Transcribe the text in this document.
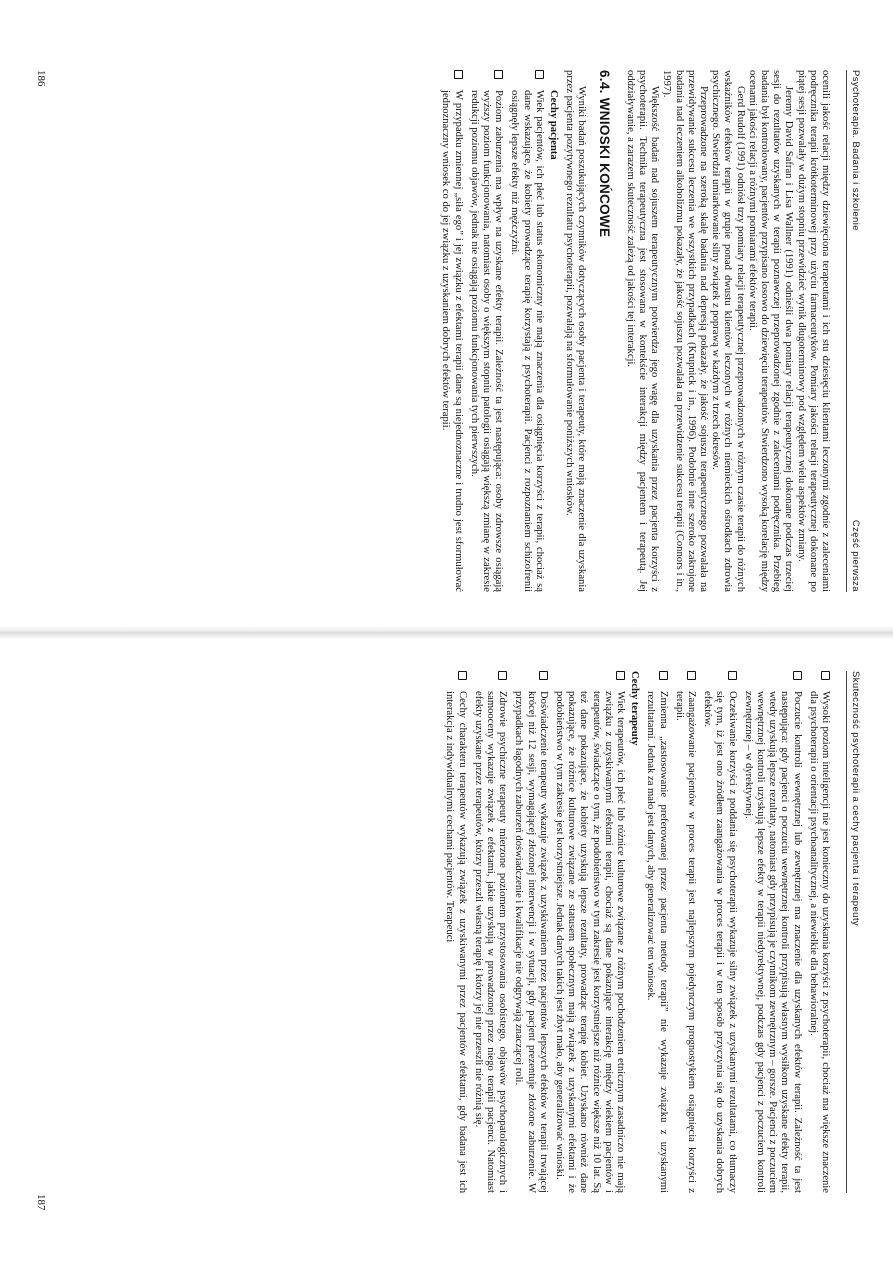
Psychoterapia. Badania i szkolenie
Część pierwsza

ocenili jakość relacji między dziewięciona terapeutami i ich stu dziesięciu klientami leczonymi zgodnie z zaleceniami podręcznika terapii krótkoterminowej przy użyciu farmaceutyków. Pomiary jakości relacji terapeutycznej dokonane po piątej sesji pozwalały w dużym stopniu przewidzieć wynik długoterminowy pod względem wielu aspektów zmiany.

Jeremy David Safran i Lisa Wallner (1991) odnieśli dwa pomiary relacji terapeutycznej dokonane podczas trzeciej sesji do rezultatów uzyskanych w terapii poznawczej przeprowadzonej zgodnie z zaleceniami podręcznika. Przebieg badania był kontrolowany, pacjentów przypisano losowo do dziewięciu terapeutów. Stwierdzono wysoką korelację między ocenami jakości relacji a różnymi pomiarami efektów terapii.

Gerd Rudolf (1991) odniósł trzy pomiary relacji terapeutycznej przeprowadzonych w różnym czasie terapii do różnych wskaźników efektów terapii w grupie ponad dwustu klientów leczonych w różnych niemieckich ośrodkach zdrowia psychicznego. Stwierdził umiarkowanie silny związek z poprawą w każdym z trzech okresów.

Przeprowadzone na szeroką skalę badania nad depresją pokazały, że jakość sojuszu terapeutycznego pozwalała na przewidywanie sukcesu leczenia we wszystkich przypadkach (Krupnick i in., 1996). Podobnie inne szeroko zakrojone badania nad leczeniem alkoholizmu pokazały, że jakość sojuszu pozwalała na przewidzenie sukcesu terapii (Connors i in., 1997).

Większość badań nad sojuszem terapeutycznym potwierdza jego wagę dla uzyskania przez pacjenta korzyści z psychoterapii. Technika terapeutyczna jest stosowana w kontekście interakcji między pacjentem i terapeutą. Jej oddziaływanie, a zarazem skuteczność zależą od jakości tej interakcji.

6.4. WNIOSKI KOŃCOWE

Wyniki badań poszukujących czynników dotyczących osoby pacjenta i terapeuty, które mają znaczenie dla uzyskania przez pacjenta pozytywnego rezultatu psychoterapii, pozwalają na sformułowanie poniższych wniosków.

Cechy pacjenta
Wiek pacjentów, ich płeć lub status ekonomiczny nie mają znaczenia dla osiągnięcia korzyści z terapii, chociaż są dane wskazujące, że kobiety prowadzące terapię korzystają z psychoterapii. Pacjenci z rozpoznaniem schizofrenii osiągnęły lepsze efekty niż mężczyźni.
Poziom zaburzenia ma wpływ na uzyskane efekty terapii. Zależność ta jest następująca: osoby zdrowsze osiągają wyższy poziom funkcjonowania, natomiast osoby o większym stopniu patologii osiągają większą zmianę w zakresie redukcji poziomu objawów, jednak nie osiągają poziomu funkcjonowania tych pierwszych.
W przypadku zmiennej „siła ego” i jej związku z efektami terapii dane są niejednoznaczne i trudno jest sformułować jednoznaczny wniosek co do jej związku z uzyskaniem dobrych efektów terapii.
186
Skuteczność psychoterapii a cechy pacjenta i terapeuty
Wysoki poziom inteligencji nie jest konieczny do uzyskania korzyści z psychoterapii, chociaż ma większe znaczenie dla psychoterapii o orientacji psychoanalitycznej, a niewielkie dla behawioralnej.
Poczucie kontroli wewnętrznej lub zewnętrznej ma znaczenie dla uzyskanych efektów terapii. Zależność ta jest następująca: gdy pacjenci o poczuciu wewnętrznej kontroli przypisują własnym wysiłkom uzyskane efekty terapii, wtedy uzyskują lepsze rezultaty, natomiast gdy przypisują je czynnikom zewnętrznym – gorsze. Pacjenci z poczuciem wewnętrznej kontroli uzyskują lepsze efekty w terapii niedyrektywnej, podczas gdy pacjenci z poczuciem kontroli zewnętrznej – w dyrektywnej.
Oczekiwanie korzyści z poddania się psychoterapii wykazuje silny związek z uzyskanymi rezultatami, co tłumaczy się tym, iż jest ono źródłem zaangażowania w proces terapii i w ten sposób przyczynia się do uzyskania dobrych efektów.
Zaangażowanie pacjentów w proces terapii jest najlepszym pojedynczym prognostykiem osiągnięcia korzyści z terapii.
Zmienna „zastosowanie preferowanej przez pacjenta metody terapii” nie wykazuje związku z uzyskanymi rezultatami. Jednak za mało jest danych, aby generalizować ten wniosek.
Cechy terapeuty
Wiek terapeutów, ich płeć lub różnice kulturowe związane z różnym pochodzeniem etnicznym zasadniczo nie mają związku z uzyskiwanymi efektami terapii, chociaż są dane pokazujące interakcję między wiekiem pacjentów i terapeutów, świadczące o tym, że podobieństwo w tym zakresie jest korzystniejsze niż różnice większe niż 10 lat. Są też dane pokazujące, że kobiety uzyskują lepsze rezultaty, prowadząc terapię kobiet. Uzyskano również dane pokazujące, że różnice kulturowe związane ze statusem społecznym mają związek z uzyskanymi efektami i że podobieństwo w tym zakresie jest korzystniejsze. Jednak danych takich jest zbyt mało, aby generalizować wnioski.
Doświadczenie terapeuty wykazuje związek z uzyskiwaniem przez pacjentów lepszych efektów w terapii trwającej krócej niż 12 sesji, wymagającej złożonej interwencji i w sytuacji, gdy pacjent prezentuje złożone zaburzenie. W przypadkach łagodnych zaburzeń doświadczenie i kwalifikacje nie odgrywają znaczącej roli.
Zdrowie psychiczne terapeuty mierzone poziomem przystosowania osobistego, objawów psychopatologicznych i samooceny wykazuje związek z efektami, jakie uzyskują w prowadzonej przez niego terapii pacjenci. Natomiast efekty uzyskane przez terapeutów, którzy przeszli własną terapię i którzy jej nie przeszli nie różnią się.
Cechy charakteru terapeutów wykazują związek z uzyskiwanymi przez pacjentów efektami, gdy badana jest ich interakcja z indywidualnymi cechami pacjentów. Terapeuci
187
